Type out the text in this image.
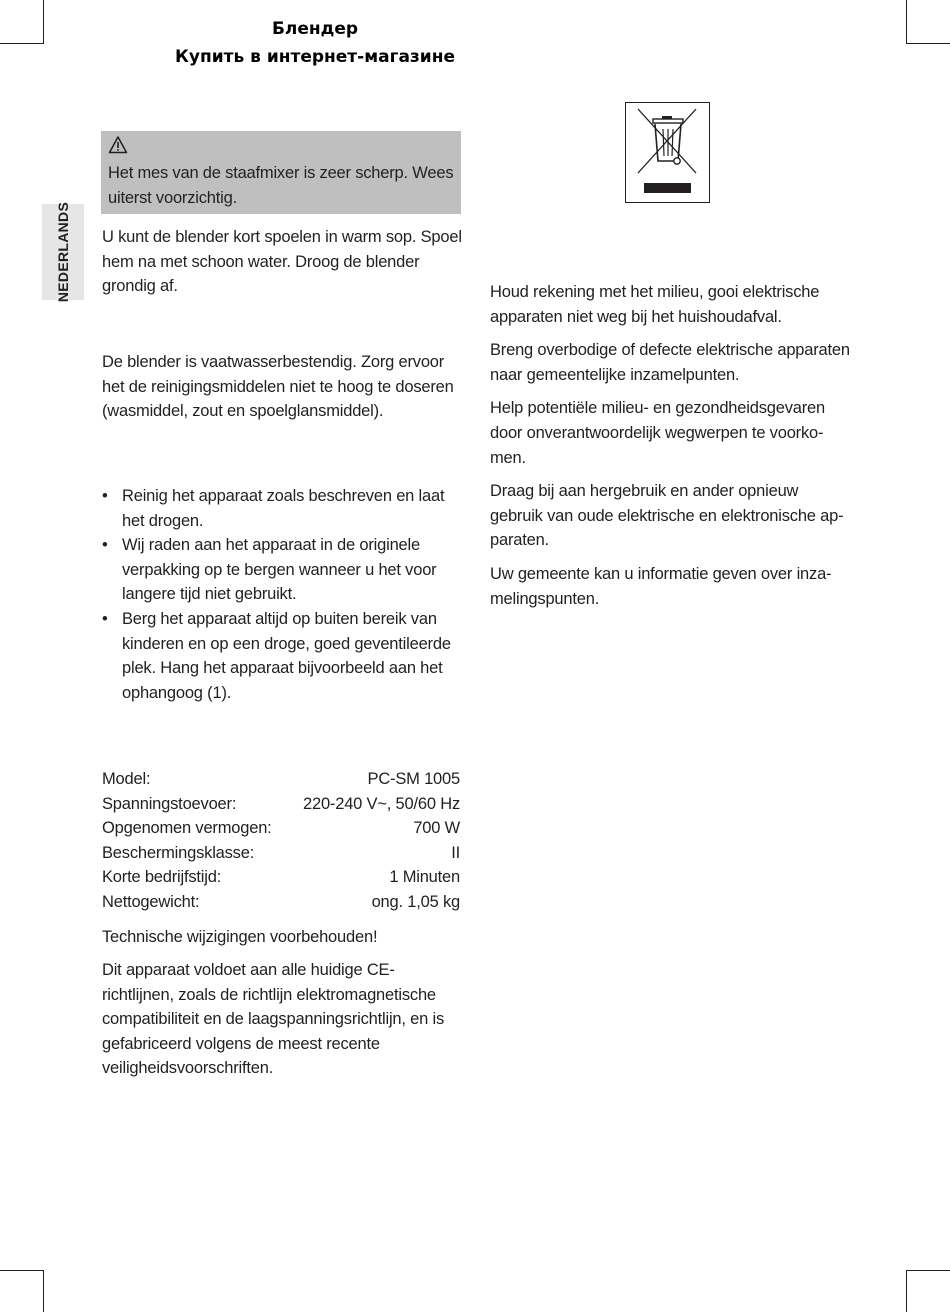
Блендер
Купить в интернет-магазине
NEDERLANDS

Het mes van de staafmixer is zeer scherp. Wees uiterst voorzichtig.

U kunt de blender kort spoelen in warm sop. Spoel hem na met schoon water. Droog de blender grondig af.

De blender is vaatwasserbestendig. Zorg ervoor het de reinigingsmiddelen niet te hoog te doseren (wasmiddel, zout en spoelglansmiddel).

• Reinig het apparaat zoals beschreven en laat het drogen.
• Wij raden aan het apparaat in de originele verpakking op te bergen wanneer u het voor langere tijd niet gebruikt.
• Berg het apparaat altijd op buiten bereik van kinderen en op een droge, goed geventileerde plek. Hang het apparaat bijvoorbeeld aan het ophangoog (1).
Model:	PC-SM 1005
Spanningstoevoer:	220-240 V~, 50/60 Hz
Opgenomen vermogen:	700 W
Beschermingsklasse:	II
Korte bedrijfstijd:	1 Minuten
Nettogewicht:	ong. 1,05 kg

Technische wijzigingen voorbehouden!

Dit apparaat voldoet aan alle huidige CE-richtlijnen, zoals de richtlijn elektromagnetische compatibiliteit en de laagspanningsrichtlijn, en is gefabriceerd volgens de meest recente veiligheidsvoorschriften.

Houd rekening met het milieu, gooi elektrische apparaten niet weg bij het huishoudafval.

Breng overbodige of defecte elektrische apparaten naar gemeentelijke inzamelpunten.

Help potentiële milieu- en gezondheidsgevaren door onverantwoordelijk wegwerpen te voorko-men.

Draag bij aan hergebruik en ander opnieuw gebruik van oude elektrische en elektronische ap-paraten.

Uw gemeente kan u informatie geven over inza-melingspunten.
